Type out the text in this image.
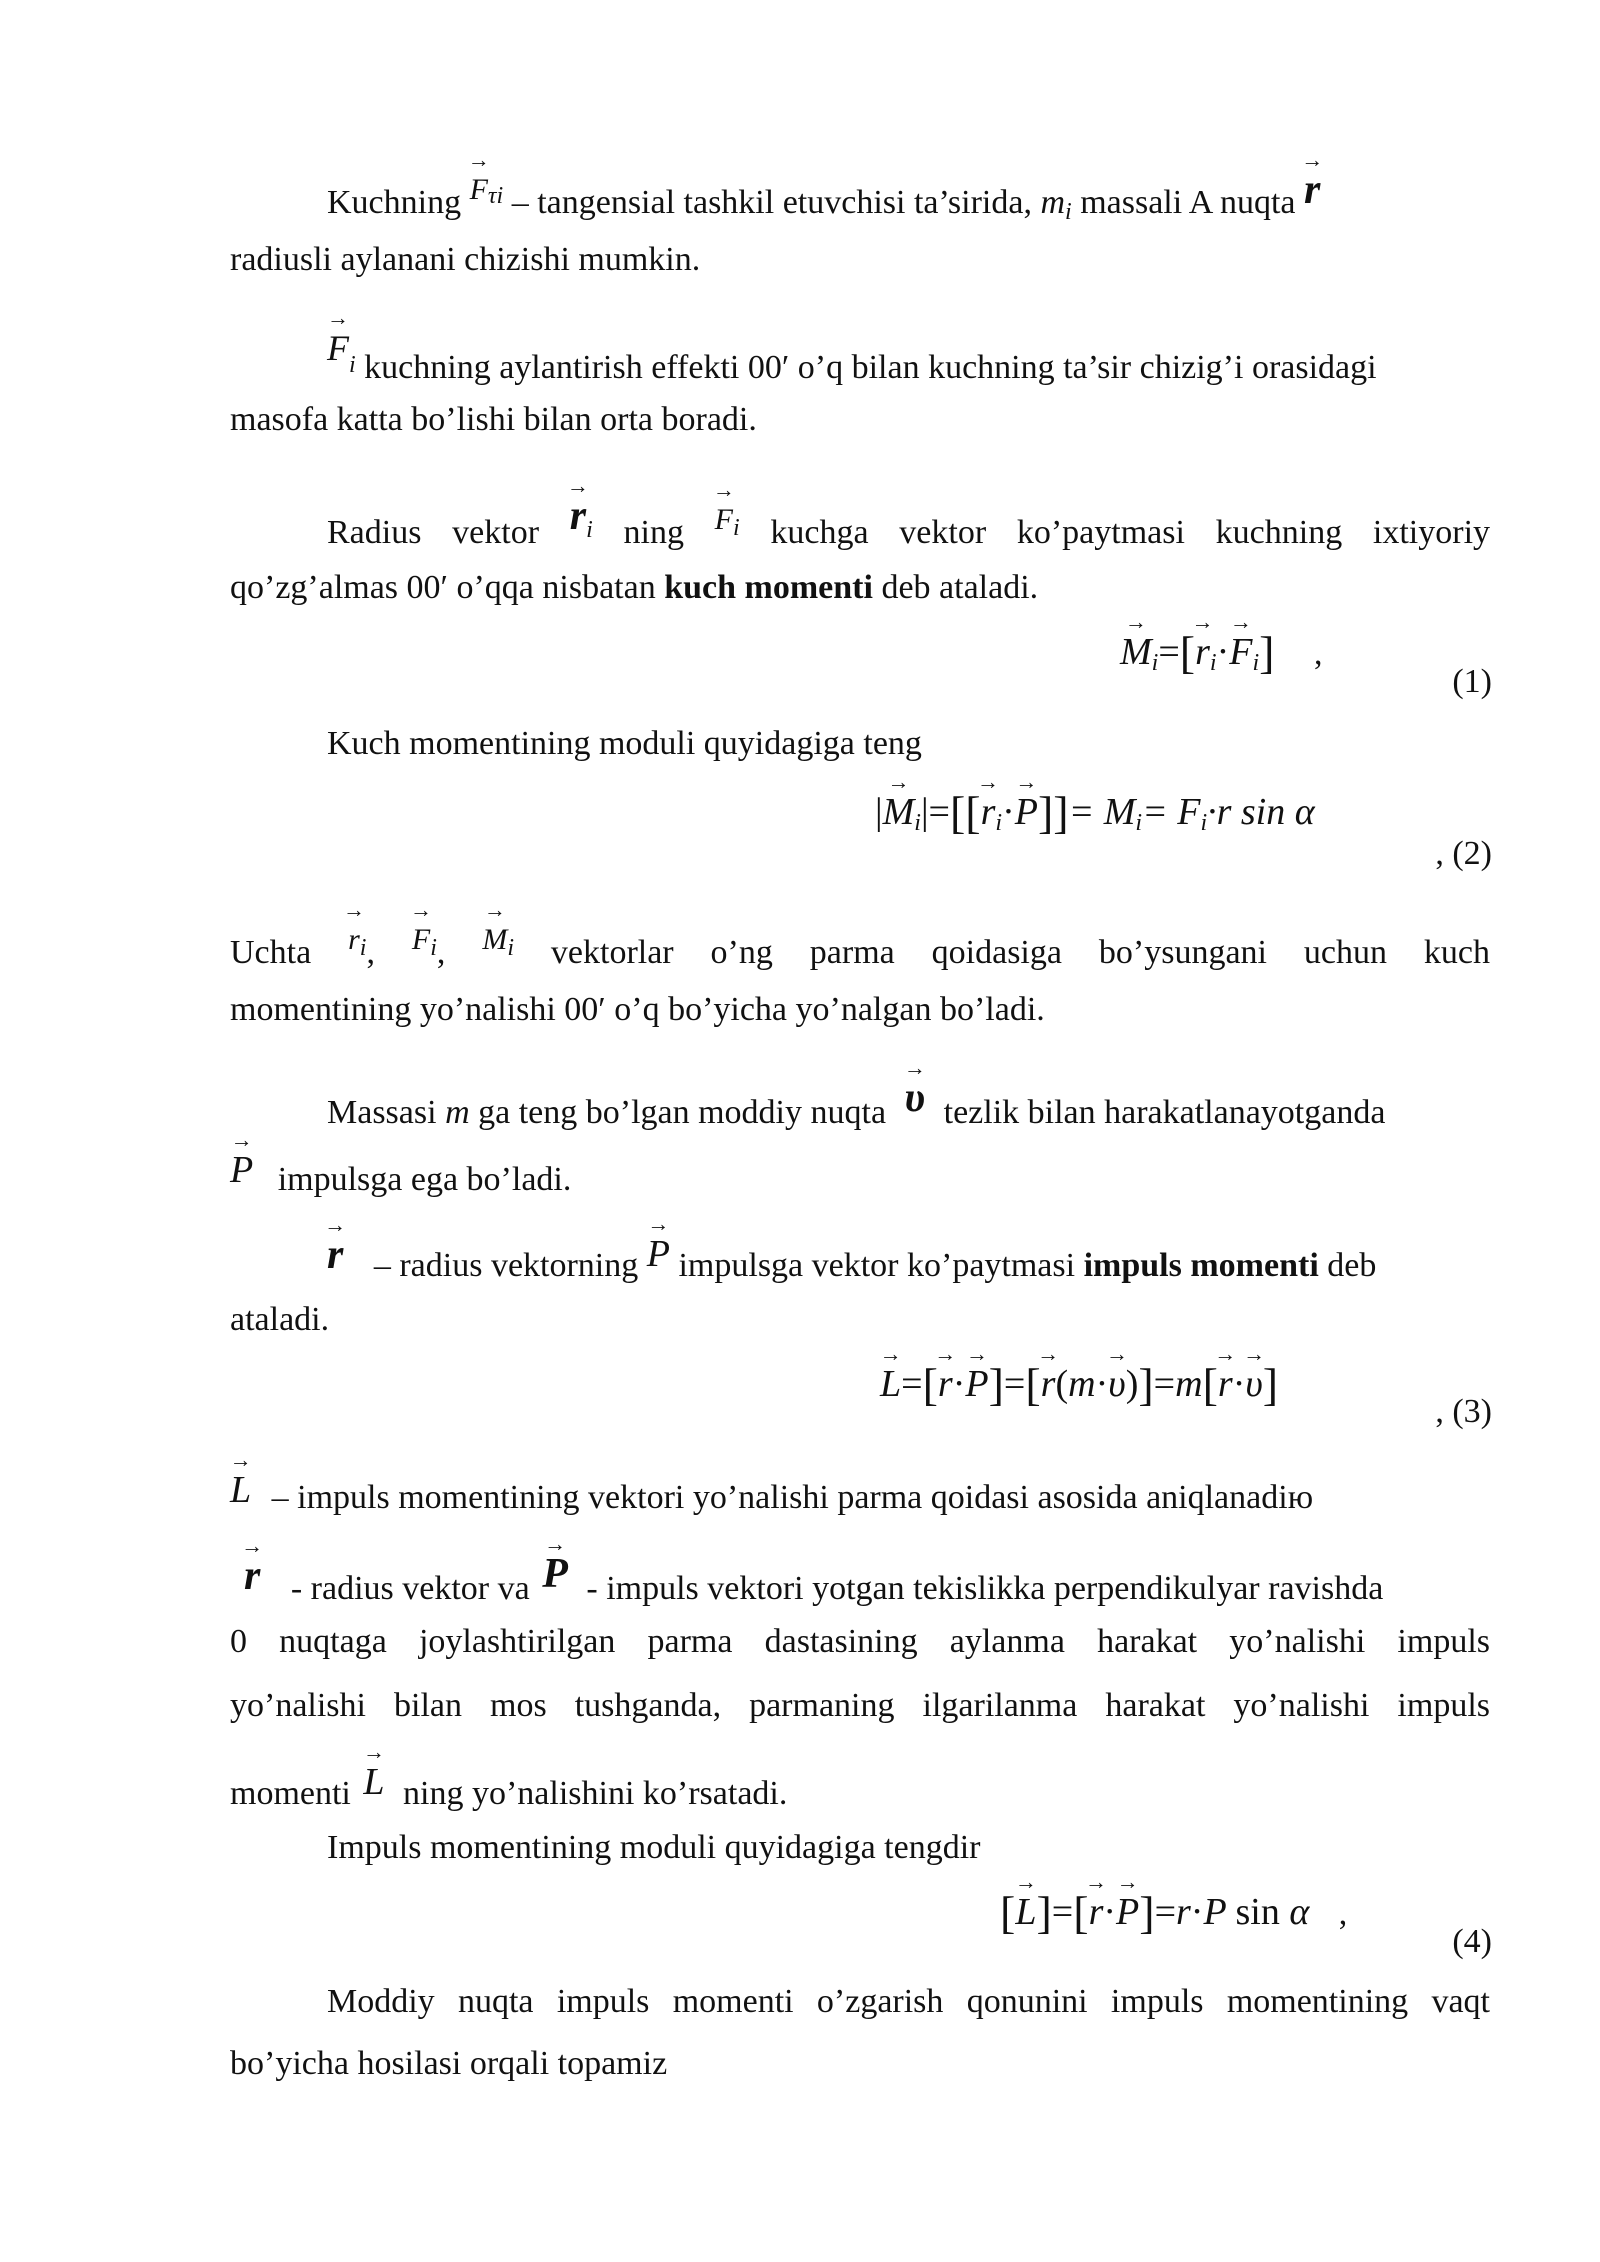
Kuchning
→
$F^{\tau i}$ – tangensial tashkil etuvchisi ta’sirida, $m_i$ massali A nuqta
→
r
radiusli aylanani chizishi mumkin.
→
$F^i$ kuchning aylantirish effekti 00′ o’q bilan kuchning ta’sir chizig’i orasidagi
masofa katta bo’lishi bilan orta boradi.
Radius vektor
→
$r^i$ ning
→
$F^i$ kuchga vektor ko’paytmasi kuchning ixtiyoriy
qo’zg’almas 00′ o’qqa nisbatan kuch momenti deb ataladi.
→
$M_i=$[
→
$r_i\cdot$
→
$F_i$] ,
(1)
Kuch momentining moduli quyidagiga teng
|
→
$M_i|=$[[
→
$r_i\cdot$
→
$P]]= M_i= F_i\cdot r$ sin α
, (2)
Uchta
→
$r^i$,
→
$F^i$,
→
$M^i$ vektorlar o’ng parma qoidasiga bo’ysungani uchun kuch
momentining yo’nalishi 00′ o’q bo’yicha yo’nalgan bo’ladi.
Massasi m ga teng bo’lgan moddiy nuqta
→
υ tezlik bilan harakatlanayotganda
→
P impulsga ega bo’ladi.
→
r – radius vektorning
→
P impulsga vektor ko’paytmasi impuls momenti deb
ataladi.
→
L=[
→
r·
→
P]=[
→
r(m·
→
υ)]=m[
→
r·
→
υ]
, (3)
→
L – impuls momentining vektori yo’nalishi parma qoidasi asosida aniqlanadiю
→
r - radius vektor va
→
P - impuls vektori yotgan tekislikka perpendikulyar ravishda
0 nuqtaga joylashtirilgan parma dastasining aylanma harakat yo’nalishi impuls
yo’nalishi bilan mos tushganda, parmaning ilgarilanma harakat yo’nalishi impuls
momenti
→
L ning yo’nalishini ko’rsatadi.
Impuls momentining moduli quyidagiga tengdir
[
→
L]=[
→
r·
→
P]=r·P sin α ,
(4)
Moddiy nuqta impuls momenti o’zgarish qonunini impuls momentining vaqt
bo’yicha hosilasi orqali topamiz
